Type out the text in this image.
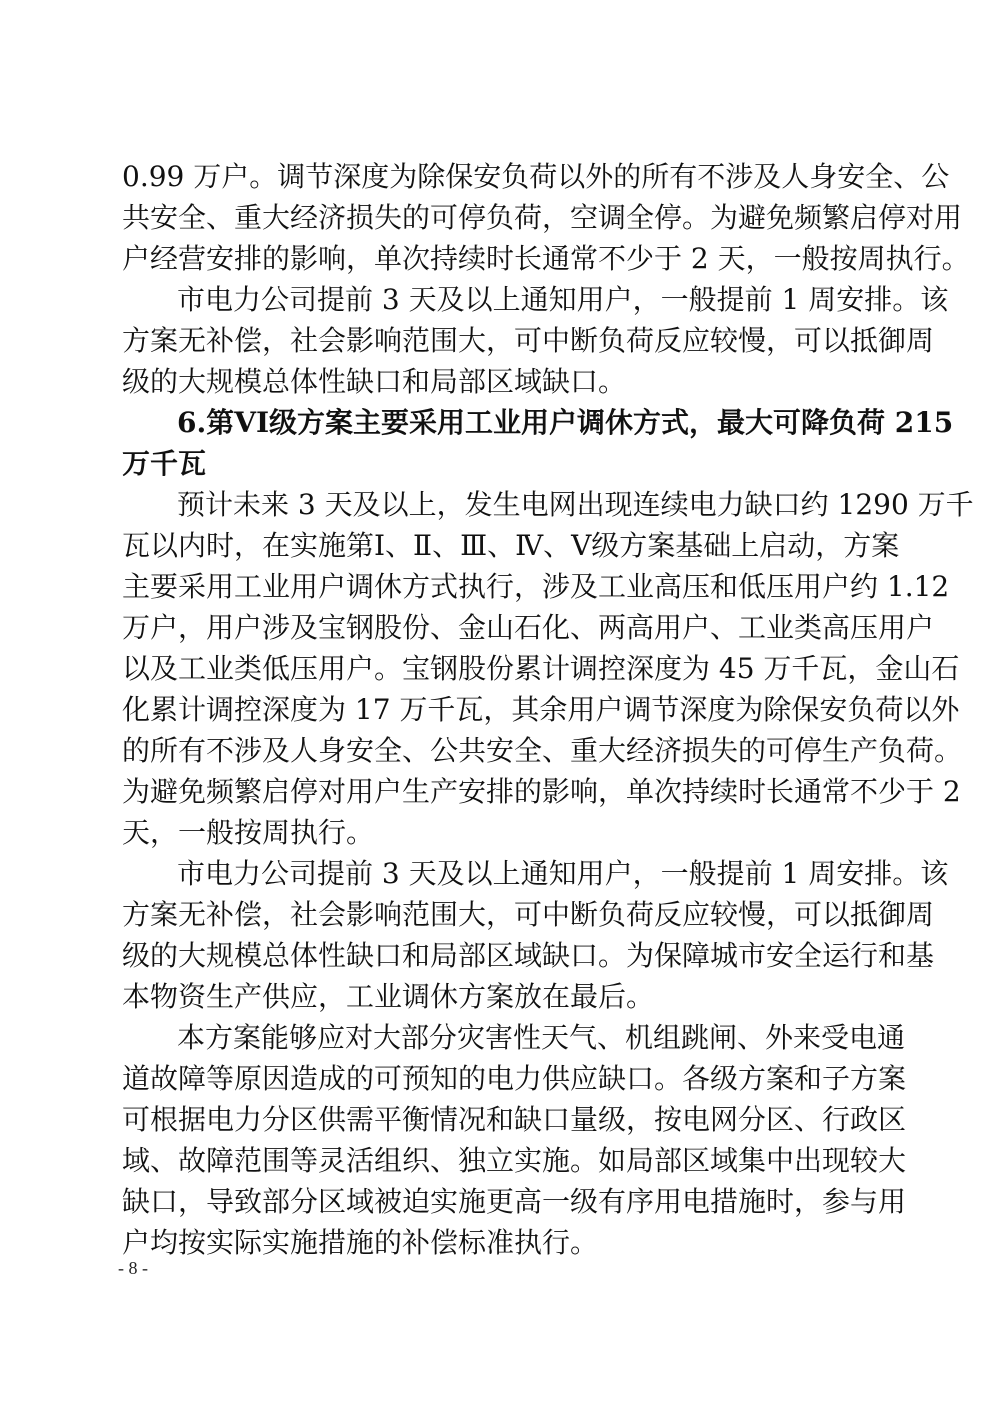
0.99 万户。调节深度为除保安负荷以外的所有不涉及人身安全、公
共安全、重大经济损失的可停负荷，空调全停。为避免频繁启停对用
户经营安排的影响，单次持续时长通常不少于 2 天，一般按周执行。
市电力公司提前 3 天及以上通知用户，一般提前 1 周安排。该
方案无补偿，社会影响范围大，可中断负荷反应较慢，可以抵御周
级的大规模总体性缺口和局部区域缺口。
6.第VI级方案主要采用工业用户调休方式，最大可降负荷 215
万千瓦
预计未来 3 天及以上，发生电网出现连续电力缺口约 1290 万千
瓦以内时，在实施第Ⅰ、Ⅱ、Ⅲ、Ⅳ、Ⅴ级方案基础上启动，方案
主要采用工业用户调休方式执行，涉及工业高压和低压用户约 1.12
万户，用户涉及宝钢股份、金山石化、两高用户、工业类高压用户
以及工业类低压用户。宝钢股份累计调控深度为 45 万千瓦，金山石
化累计调控深度为 17 万千瓦，其余用户调节深度为除保安负荷以外
的所有不涉及人身安全、公共安全、重大经济损失的可停生产负荷。
为避免频繁启停对用户生产安排的影响，单次持续时长通常不少于 2
天，一般按周执行。
市电力公司提前 3 天及以上通知用户，一般提前 1 周安排。该
方案无补偿，社会影响范围大，可中断负荷反应较慢，可以抵御周
级的大规模总体性缺口和局部区域缺口。为保障城市安全运行和基
本物资生产供应，工业调休方案放在最后。
本方案能够应对大部分灾害性天气、机组跳闸、外来受电通
道故障等原因造成的可预知的电力供应缺口。各级方案和子方案
可根据电力分区供需平衡情况和缺口量级，按电网分区、行政区
域、故障范围等灵活组织、独立实施。如局部区域集中出现较大
缺口，导致部分区域被迫实施更高一级有序用电措施时，参与用
户均按实际实施措施的补偿标准执行。
- 8 -
